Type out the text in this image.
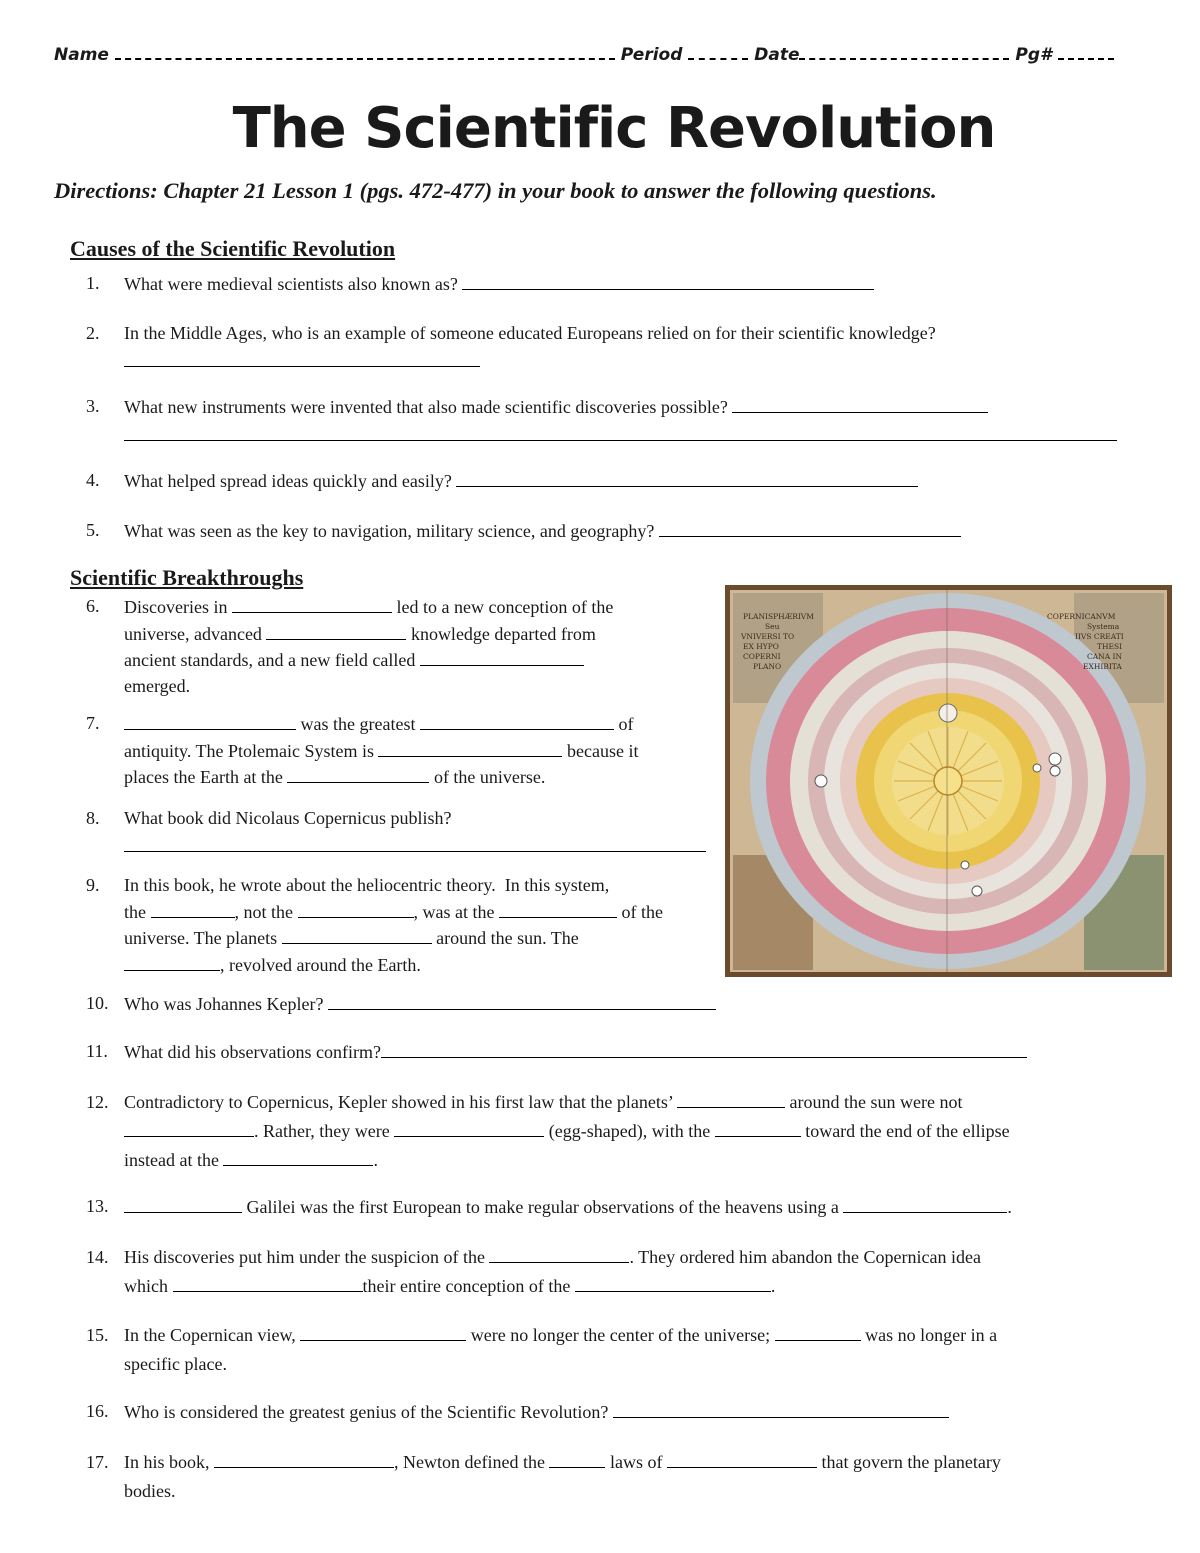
Name	Period	Date	Pg#
The Scientific Revolution
Directions: Chapter 21 Lesson 1 (pgs. 472-477) in your book to answer the following questions.
Causes of the Scientific Revolution
1.	What were medieval scientists also known as?
2.	In the Middle Ages, who is an example of someone educated Europeans relied on for their scientific knowledge?
3.	What new instruments were invented that also made scientific discoveries possible?
4.	What helped spread ideas quickly and easily?
5.	What was seen as the key to navigation, military science, and geography?
Scientific Breakthroughs
6.	Discoveries in	led to a new conception of the
universe, advanced	knowledge departed from
ancient standards, and a new field called
emerged.
7.	was the greatest	of
antiquity. The Ptolemaic System is	because it
places the Earth at the	of the universe.
8.	What book did Nicolaus Copernicus publish?
9.	In this book, he wrote about the heliocentric theory.  In this system,
the	, not the	, was at the	of the
universe. The planets	around the sun. The
, revolved around the Earth.
PLANISPHÆRIVM
Seu
VNIVERSI TO
EX HYPO
COPERNI
PLANO
COPERNICANVM
Systema
IIVS CREATI
THESI
CANA IN
EXHIBITA
10. Who was Johannes Kepler?
11. What did his observations confirm?
12. Contradictory to Copernicus, Kepler showed in his first law that the planets’	around the sun were not
. Rather, they were	(egg-shaped), with the	toward the end of the ellipse
instead at the	.
13.	Galilei was the first European to make regular observations of the heavens using a	.
14. His discoveries put him under the suspicion of the	. They ordered him abandon the Copernican idea
which	their entire conception of the	.
15. In the Copernican view,	were no longer the center of the universe;	was no longer in a
specific place.
16. Who is considered the greatest genius of the Scientific Revolution?
17. In his book,	, Newton defined the	laws of	that govern the planetary
bodies.
